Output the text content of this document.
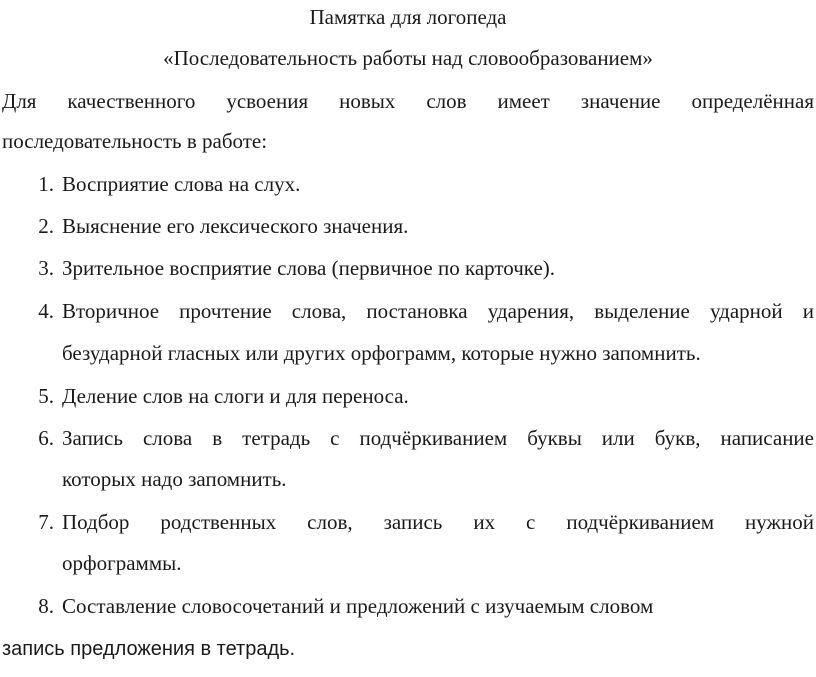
Памятка для логопеда
«Последовательность работы над словообразованием»
Для качественного усвоения новых слов имеет значение определённая
последовательность в работе:
1. Восприятие слова на слух.
2. Выяснение его лексического значения.
3. Зрительное восприятие слова (первичное по карточке).
4. Вторичное прочтение слова, постановка ударения, выделение ударной и
безударной гласных или других орфограмм, которые нужно запомнить.
5. Деление слов на слоги и для переноса.
6. Запись слова в тетрадь с подчёркиванием буквы или букв, написание
которых надо запомнить.
7. Подбор родственных слов, запись их с подчёркиванием нужной
орфограммы.
8. Составление словосочетаний и предложений с изучаемым словом
запись предложения в тетрадь.
